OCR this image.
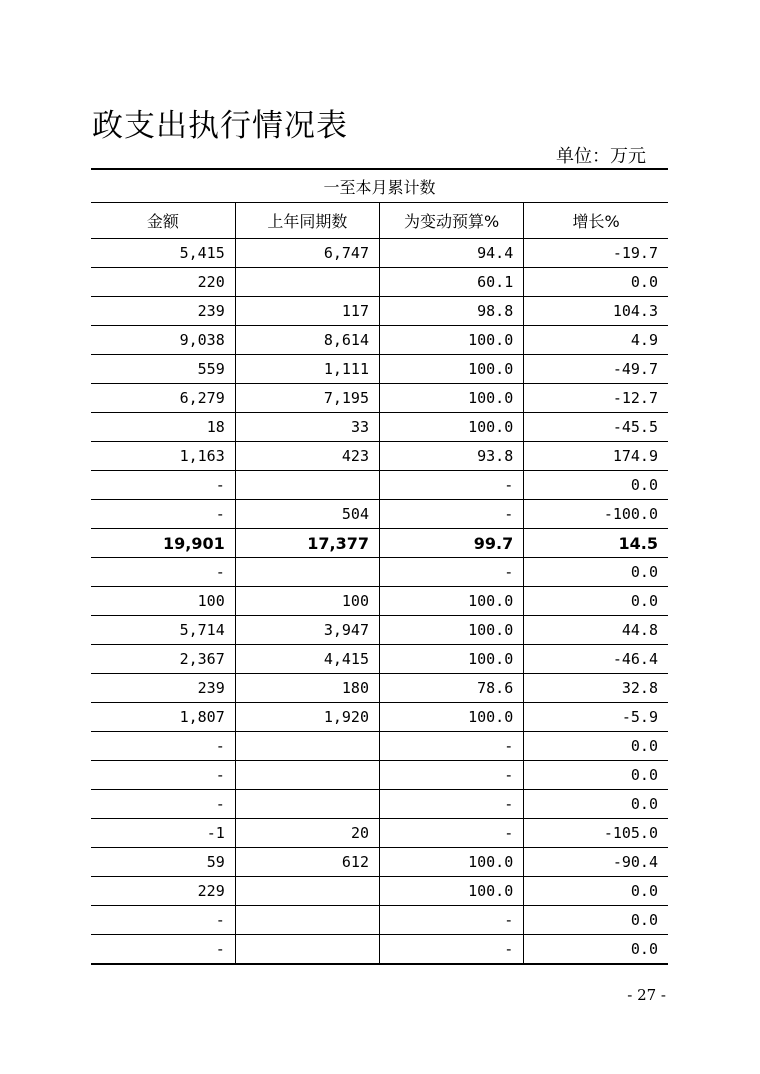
政支出执行情况表
单位：万元
一至本月累计数			
金额	上年同期数	为变动预算%	增长%
5,415	6,747	94.4	-19.7
220		60.1	0.0
239	117	98.8	104.3
9,038	8,614	100.0	4.9
559	1,111	100.0	-49.7
6,279	7,195	100.0	-12.7
18	33	100.0	-45.5
1,163	423	93.8	174.9
-		-	0.0
-	504	-	-100.0
19,901	17,377	99.7	14.5
-		-	0.0
100	100	100.0	0.0
5,714	3,947	100.0	44.8
2,367	4,415	100.0	-46.4
239	180	78.6	32.8
1,807	1,920	100.0	-5.9
-		-	0.0
-		-	0.0
-		-	0.0
-1	20	-	-105.0
59	612	100.0	-90.4
229		100.0	0.0
-		-	0.0
-		-	0.0
- 27 -
